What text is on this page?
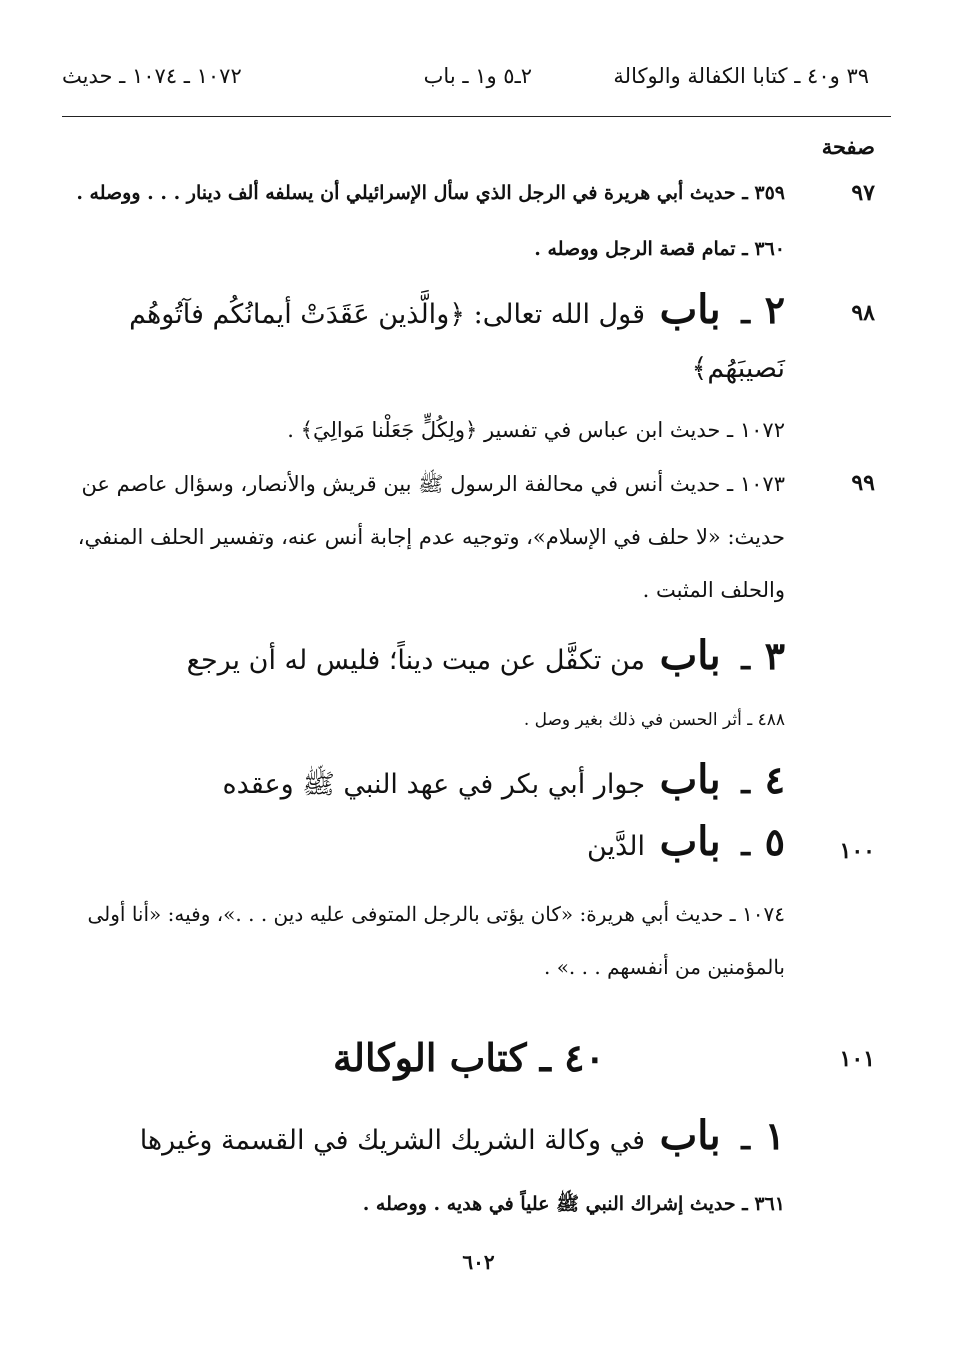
٣٩ و٤٠ ـ كتابا الكفالة والوكالة
٢ـ٥ و١ ـ باب
١٠٧٢ ـ ١٠٧٤ ـ حديث
صفحة
٩٧
٣٥٩ ـ حديث أبي هريرة في الرجل الذي سأل الإسرائيلي أن يسلفه ألف دينار . . . ووصله .
٣٦٠ ـ تمام قصة الرجل ووصله .
٩٨
٢ ـ باب قول الله تعالى: ﴿والَّذين عَقَدَتْ أيمانُكُم فآتُوهُم نَصيبَهُم﴾
١٠٧٢ ـ حديث ابن عباس في تفسير ﴿ولِكُلٍّ جَعَلْنا مَوالِيَ﴾ .
٩٩
١٠٧٣ ـ حديث أنس في محالفة الرسول ﷺ بين قريش والأنصار، وسؤال عاصم عن حديث: «لا حلف في الإسلام»، وتوجيه عدم إجابة أنس عنه، وتفسير الحلف المنفي، والحلف المثبت .
٣ ـ باب من تكفَّل عن ميت ديناً؛ فليس له أن يرجع
٤٨٨ ـ أثر الحسن في ذلك بغير وصل .
٤ ـ باب جوار أبي بكر في عهد النبي ﷺ وعقده
١٠٠
٥ ـ باب الدَّين
١٠٧٤ ـ حديث أبي هريرة: «كان يؤتى بالرجل المتوفى عليه دين . . .»، وفيه: «أنا أولى بالمؤمنين من أنفسهم . . .» .
١٠١
٤٠ ـ كتاب الوكالة
١ ـ باب في وكالة الشريك الشريك في القسمة وغيرها
٣٦١ ـ حديث إشراك النبي ﷺ علياً في هديه . ووصله .
٦٠٢
